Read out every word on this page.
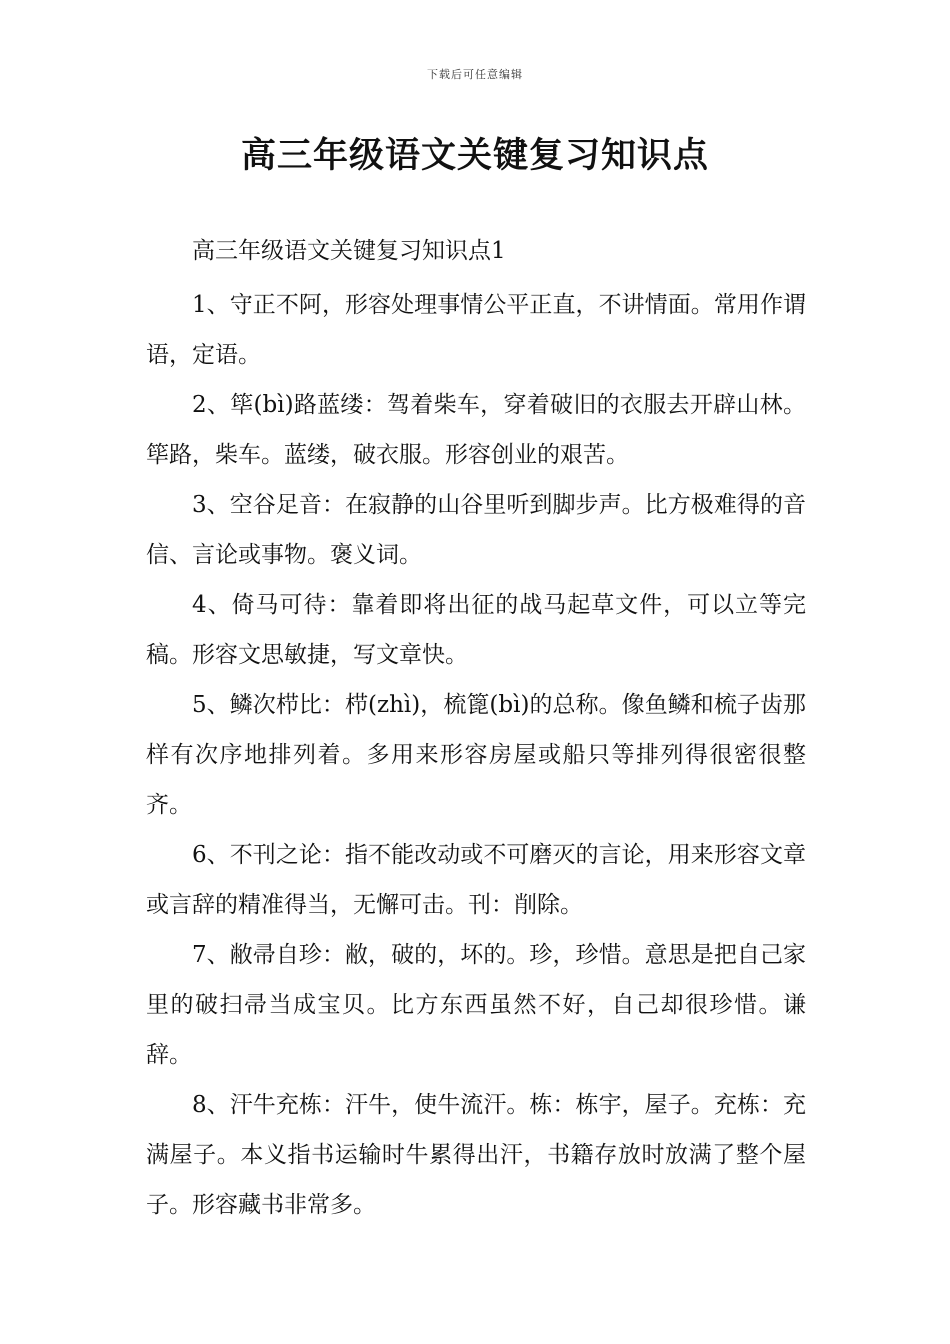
下载后可任意编辑
高三年级语文关键复习知识点

高三年级语文关键复习知识点1

1、守正不阿，形容处理事情公平正直，不讲情面。常用作谓语，定语。

2、筚(bì)路蓝缕：驾着柴车，穿着破旧的衣服去开辟山林。筚路，柴车。蓝缕，破衣服。形容创业的艰苦。

3、空谷足音：在寂静的山谷里听到脚步声。比方极难得的音信、言论或事物。褒义词。

4、倚马可待：靠着即将出征的战马起草文件，可以立等完稿。形容文思敏捷，写文章快。

5、鳞次栉比：栉(zhì)，梳篦(bì)的总称。像鱼鳞和梳子齿那样有次序地排列着。多用来形容房屋或船只等排列得很密很整齐。

6、不刊之论：指不能改动或不可磨灭的言论，用来形容文章或言辞的精准得当，无懈可击。刊：削除。

7、敝帚自珍：敝，破的，坏的。珍，珍惜。意思是把自己家里的破扫帚当成宝贝。比方东西虽然不好，自己却很珍惜。谦辞。

8、汗牛充栋：汗牛，使牛流汗。栋：栋宇，屋子。充栋：充满屋子。本义指书运输时牛累得出汗，书籍存放时放满了整个屋子。形容藏书非常多。
